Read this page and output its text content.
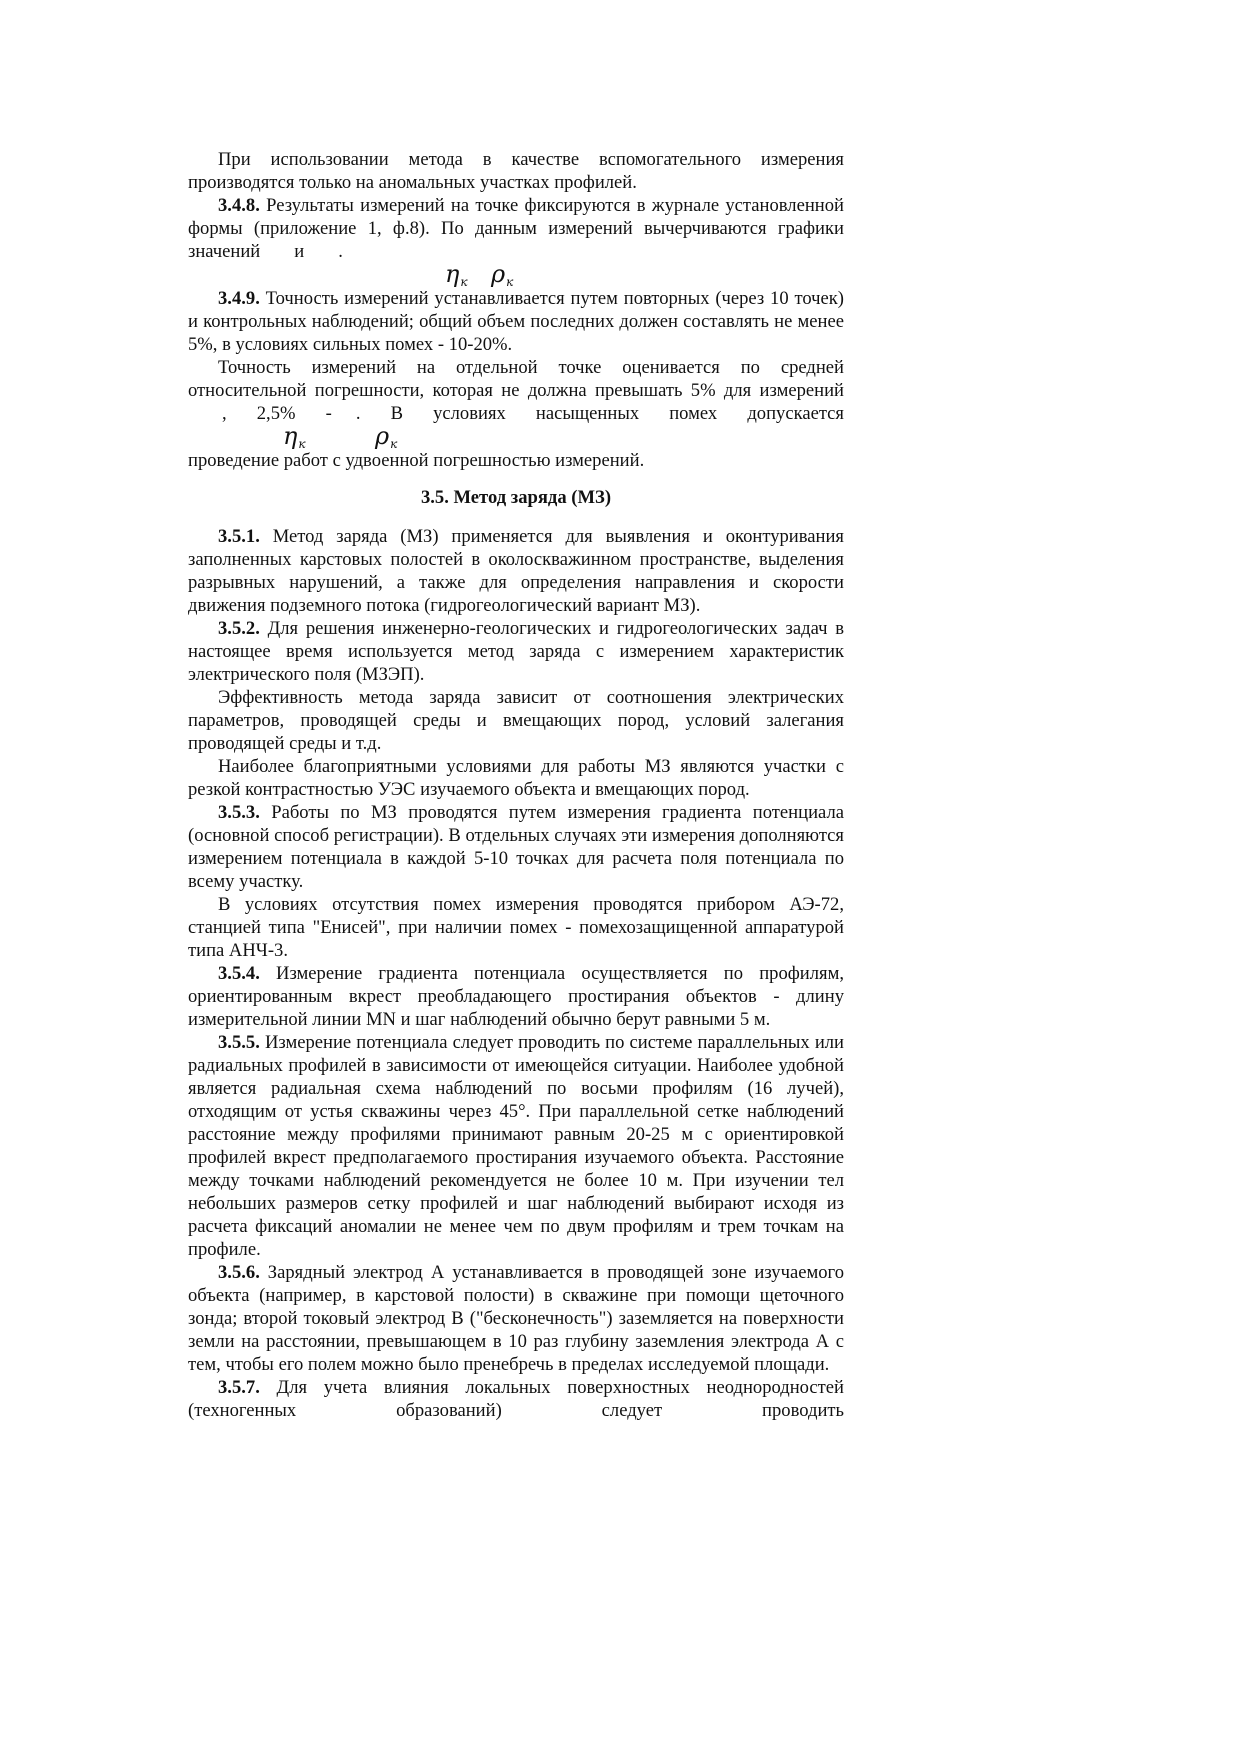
При использовании метода в качестве вспомогательного измерения производятся только на аномальных участках профилей.

3.4.8. Результаты измерений на точке фиксируются в журнале установленной формы (приложение 1, ф.8). По данным измерений вычерчиваются графики значений и .

$\eta_к$ $\rho_к$

3.4.9. Точность измерений устанавливается путем повторных (через 10 точек) и контрольных наблюдений; общий объем последних должен составлять не менее 5%, в условиях сильных помех - 10-20%.

Точность измерений на отдельной точке оценивается по средней относительной погрешности, которая не должна превышать 5% для измерений, 2,5% - . В условиях насыщенных помех допускается

$\eta_к$	$\rho_к$

проведение работ с удвоенной погрешностью измерений.

3.5. Метод заряда (МЗ)

3.5.1. Метод заряда (МЗ) применяется для выявления и оконтуривания заполненных карстовых полостей в околоскважинном пространстве, выделения разрывных нарушений, а также для определения направления и скорости движения подземного потока (гидрогеологический вариант МЗ).

3.5.2. Для решения инженерно-геологических и гидрогеологических задач в настоящее время используется метод заряда с измерением характеристик электрического поля (МЗЭП).

Эффективность метода заряда зависит от соотношения электрических параметров, проводящей среды и вмещающих пород, условий залегания проводящей среды и т.д.

Наиболее благоприятными условиями для работы МЗ являются участки с резкой контрастностью УЭС изучаемого объекта и вмещающих пород.

3.5.3. Работы по МЗ проводятся путем измерения градиента потенциала (основной способ регистрации). В отдельных случаях эти измерения дополняются измерением потенциала в каждой 5-10 точках для расчета поля потенциала по всему участку.

В условиях отсутствия помех измерения проводятся прибором АЭ-72, станцией типа "Енисей", при наличии помех - помехозащищенной аппаратурой типа АНЧ-3.

3.5.4. Измерение градиента потенциала осуществляется по профилям, ориентированным вкрест преобладающего простирания объектов - длину измерительной линии MN и шаг наблюдений обычно берут равными 5 м.

3.5.5. Измерение потенциала следует проводить по системе параллельных или радиальных профилей в зависимости от имеющейся ситуации. Наиболее удобной является радиальная схема наблюдений по восьми профилям (16 лучей), отходящим от устья скважины через 45°. При параллельной сетке наблюдений расстояние между профилями принимают равным 20-25 м с ориентировкой профилей вкрест предполагаемого простирания изучаемого объекта. Расстояние между точками наблюдений рекомендуется не более 10 м. При изучении тел небольших размеров сетку профилей и шаг наблюдений выбирают исходя из расчета фиксаций аномалии не менее чем по двум профилям и трем точкам на профиле.

3.5.6. Зарядный электрод А устанавливается в проводящей зоне изучаемого объекта (например, в карстовой полости) в скважине при помощи щеточного зонда; второй токовый электрод В ("бесконечность") заземляется на поверхности земли на расстоянии, превышающем в 10 раз глубину заземления электрода А с тем, чтобы его полем можно было пренебречь в пределах исследуемой площади.

3.5.7. Для учета влияния локальных поверхностных неоднородностей (техногенных образований) следует проводить
